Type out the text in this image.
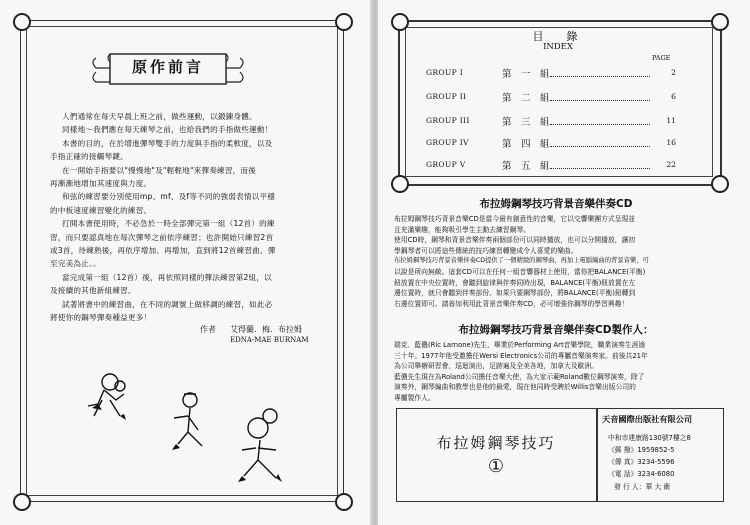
原作前言
人們通常在每天早晨上班之前，做些運動，以鍛鍊身體。
同樣地～我們應在每天練琴之前，也給我們的手指做些運動！
本書的目的，在於增進彈琴雙手的力度與手指的柔軟度，以及
手指正確的接觸琴鍵。
在一開始手指要以"慢慢地"及"輕輕地"來彈奏練習，而後
再漸漸地增加其速度與力度。
和弦的練習要分別使用mp、mf、及f等不同的強弱表情以平穩
的中板速度練習變化的練習。
打開本書使用時，不必急於一時全部彈完第一組（12首）的練
習，而只要認真地在每次彈琴之前依序練習；也許開始只練習2首
或3首，待練熟後，再依序增加、再增加，直到將12首練習曲、彈
至完美為止。。
當完成第一組（12首）後，再依照同樣的彈法練習第2組，以
及接續的其他新組練習。
試著將書中的練習曲，在不同的調號上做移調的練習，如此必
將使你的鋼琴彈奏種益更多！
作者 艾得蘭．梅．布拉姆
EDNA-MAE BURNAM
目　錄
INDEX
PAGE
GROUP I	第　一　組	2
GROUP II	第　二　組	6
GROUP III	第　三　組	11
GROUP IV	第　四　組	16
GROUP V	第　五　組	22
布拉姆鋼琴技巧背景音樂伴奏CD
布拉姆鋼琴技巧背景音樂CD是當今最有創意性的音樂，它以交響樂團方式呈現並
且充滿樂趣，能夠吸引學生主動去練習鋼琴。
使用CD時，鋼琴和背景音樂伴奏兩個部份可以同時播放，也可以分開播放，讓初
學鋼琴者可以將這些傳統的技巧練習轉變成令人喜愛的樂曲。
布拉姆鋼琴技巧背景音樂伴奏CD提供了一個精緻的鋼琴曲，再加上電腦編曲的背景音樂，可
以說是所向無敵。這套CD可以在任何一組音響器材上使用，當你把BALANCE(平衡)
鈕放置在中央位置時，會聽到旋律與伴奏同時出現，BALANCE(平衡)鈕放置在左
邊位置時，就只會聽到伴奏部份。如果只要鋼琴部份，將BALANCE(平衡)鈕轉到
右邊位置即可。請善加利用此背景音樂伴奏CD，必可增強你鋼琴的學習興趣！
布拉姆鋼琴技巧背景音樂伴奏CD製作人：
瑞克．藍儂(Ric Larnone)先生，畢業於Performing Art音樂學院，職業演奏生涯逾
三十年。1977年他受邀擔任Wersi Electronics公司的專屬音樂演奏家。前後共21年
為公司舉辦研習會，巡迴演出，足跡遍及全美各地，加拿大及歐洲。
藍儂先生現在為Roland公司擔任音樂大使，為大家示範Roland數位鋼琴演奏，除了
演奏外，鋼琴編曲和教學也是他的最愛，現在他同時受聘於Willis音樂出版公司的
專屬製作人。
布拉姆鋼琴技巧
①
天音國際出版社有限公司
中和市建康路130號7樓之8
《郵 撥》1959852-5
《傳 真》3234-5596
《電 話》3234-6080
發 行 人：華 大 衛
